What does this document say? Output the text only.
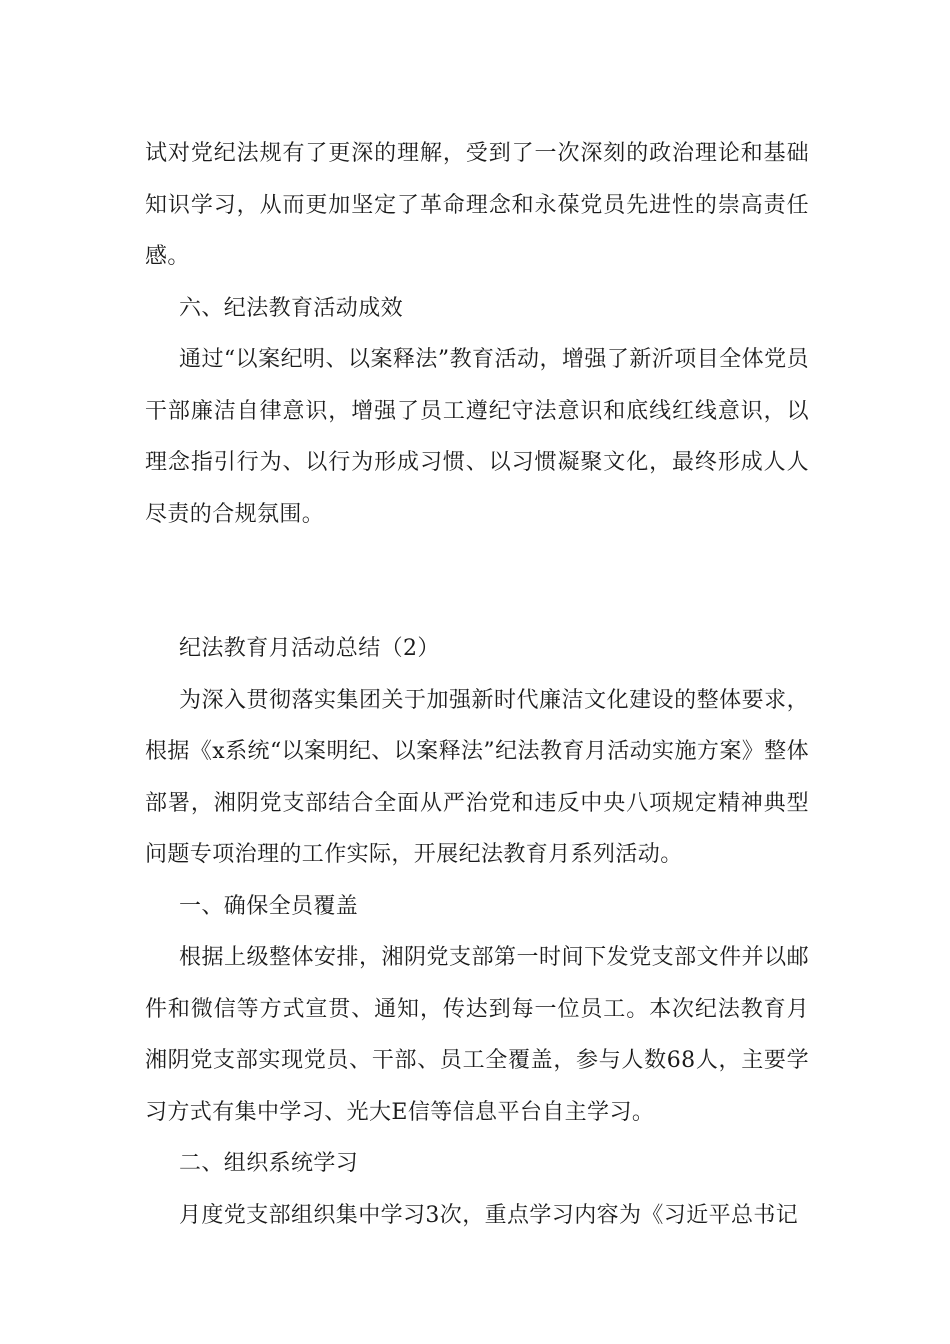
试对党纪法规有了更深的理解，受到了一次深刻的政治理论和基础知识学习，从而更加坚定了革命理念和永葆党员先进性的崇高责任感。

六、纪法教育活动成效

通过“以案纪明、以案释法”教育活动，增强了新沂项目全体党员干部廉洁自律意识，增强了员工遵纪守法意识和底线红线意识，以理念指引行为、以行为形成习惯、以习惯凝聚文化，最终形成人人尽责的合规氛围。

纪法教育月活动总结（2）

为深入贯彻落实集团关于加强新时代廉洁文化建设的整体要求，根据《x系统“以案明纪、以案释法”纪法教育月活动实施方案》整体部署，湘阴党支部结合全面从严治党和违反中央八项规定精神典型问题专项治理的工作实际，开展纪法教育月系列活动。

一、确保全员覆盖

根据上级整体安排，湘阴党支部第一时间下发党支部文件并以邮件和微信等方式宣贯、通知，传达到每一位员工。本次纪法教育月湘阴党支部实现党员、干部、员工全覆盖，参与人数68人，主要学习方式有集中学习、光大E信等信息平台自主学习。

二、组织系统学习

月度党支部组织集中学习3次，重点学习内容为《习近平总书记
